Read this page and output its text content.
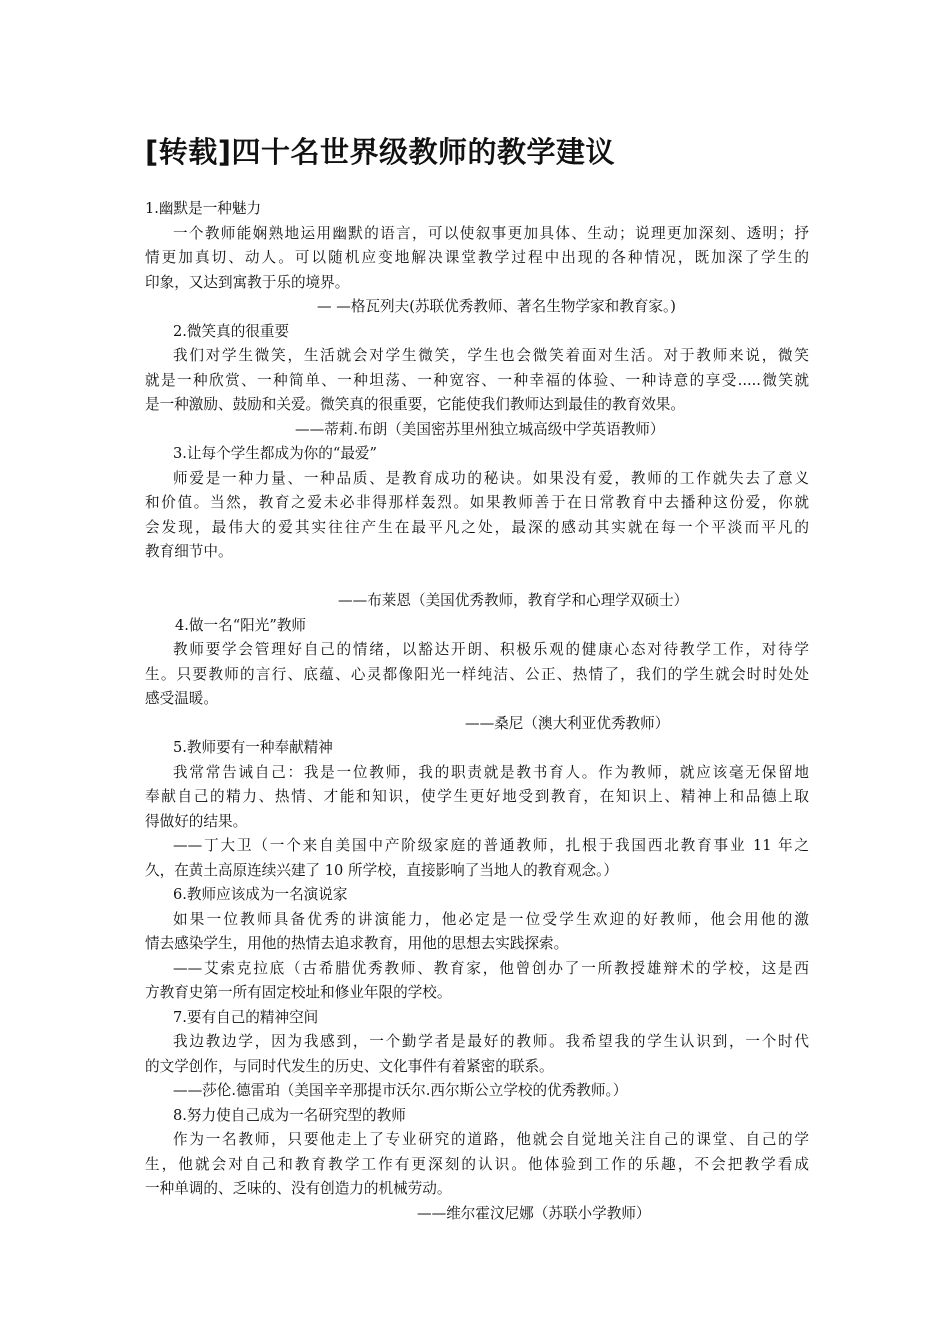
[转载]四十名世界级教师的教学建议
1.幽默是一种魅力
一个教师能娴熟地运用幽默的语言，可以使叙事更加具体、生动；说理更加深刻、透明；抒
情更加真切、动人。可以随机应变地解决课堂教学过程中出现的各种情况，既加深了学生的
印象，又达到寓教于乐的境界。
— —格瓦列夫(苏联优秀教师、著名生物学家和教育家。)
2.微笑真的很重要
我们对学生微笑，生活就会对学生微笑，学生也会微笑着面对生活。对于教师来说，微笑
就是一种欣赏、一种简单、一种坦荡、一种宽容、一种幸福的体验、一种诗意的享受.....微笑就
是一种激励、鼓励和关爱。微笑真的很重要，它能使我们教师达到最佳的教育效果。
——蒂莉.布朗（美国密苏里州独立城高级中学英语教师）
3.让每个学生都成为你的“最爱”
师爱是一种力量、一种品质、是教育成功的秘诀。如果没有爱，教师的工作就失去了意义
和价值。当然，教育之爱未必非得那样轰烈。如果教师善于在日常教育中去播种这份爱，你就
会发现，最伟大的爱其实往往产生在最平凡之处，最深的感动其实就在每一个平淡而平凡的
教育细节中。
——布莱恩（美国优秀教师，教育学和心理学双硕士）
4.做一名“阳光”教师
教师要学会管理好自己的情绪，以豁达开朗、积极乐观的健康心态对待教学工作，对待学
生。只要教师的言行、底蕴、心灵都像阳光一样纯洁、公正、热情了，我们的学生就会时时处处
感受温暖。
——桑尼（澳大利亚优秀教师）
5.教师要有一种奉献精神
我常常告诫自己：我是一位教师，我的职责就是教书育人。作为教师，就应该毫无保留地
奉献自己的精力、热情、才能和知识，使学生更好地受到教育，在知识上、精神上和品德上取
得做好的结果。
——丁大卫（一个来自美国中产阶级家庭的普通教师，扎根于我国西北教育事业 11 年之
久，在黄土高原连续兴建了 10 所学校，直接影响了当地人的教育观念。）
6.教师应该成为一名演说家
如果一位教师具备优秀的讲演能力，他必定是一位受学生欢迎的好教师，他会用他的激
情去感染学生，用他的热情去追求教育，用他的思想去实践探索。
——艾索克拉底（古希腊优秀教师、教育家，他曾创办了一所教授雄辩术的学校，这是西
方教育史第一所有固定校址和修业年限的学校。
7.要有自己的精神空间
我边教边学，因为我感到，一个勤学者是最好的教师。我希望我的学生认识到，一个时代
的文学创作，与同时代发生的历史、文化事件有着紧密的联系。
——莎伦.德雷珀（美国辛辛那提市沃尔.西尔斯公立学校的优秀教师。）
8.努力使自己成为一名研究型的教师
作为一名教师，只要他走上了专业研究的道路，他就会自觉地关注自己的课堂、自己的学
生，他就会对自己和教育教学工作有更深刻的认识。他体验到工作的乐趣，不会把教学看成
一种单调的、乏味的、没有创造力的机械劳动。
——维尔霍汶尼娜（苏联小学教师）
